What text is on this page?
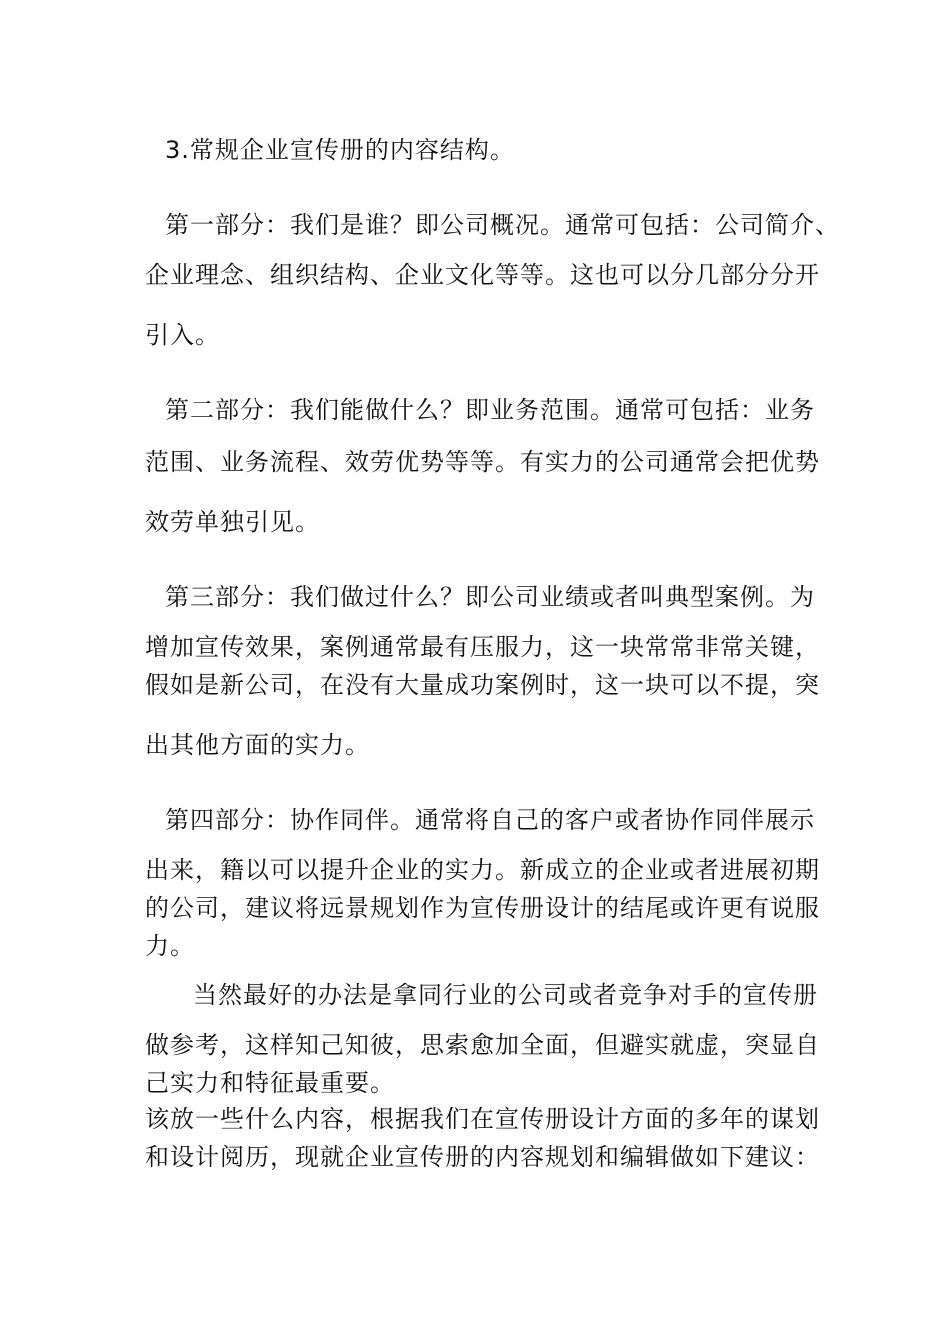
3.常规企业宣传册的内容结构。
第一部分：我们是谁？即公司概况。通常可包括：公司简介、
企业理念、组织结构、企业文化等等。这也可以分几部分分开
引入。
第二部分：我们能做什么？即业务范围。通常可包括：业务
范围、业务流程、效劳优势等等。有实力的公司通常会把优势
效劳单独引见。
第三部分：我们做过什么？即公司业绩或者叫典型案例。为
增加宣传效果，案例通常最有压服力，这一块常常非常关键，
假如是新公司，在没有大量成功案例时，这一块可以不提，突
出其他方面的实力。
第四部分：协作同伴。通常将自己的客户或者协作同伴展示
出来，籍以可以提升企业的实力。新成立的企业或者进展初期
的公司，建议将远景规划作为宣传册设计的结尾或许更有说服
力。
当然最好的办法是拿同行业的公司或者竞争对手的宣传册
做参考，这样知己知彼，思索愈加全面，但避实就虚，突显自
己实力和特征最重要。
该放一些什么内容，根据我们在宣传册设计方面的多年的谋划
和设计阅历，现就企业宣传册的内容规划和编辑做如下建议：
